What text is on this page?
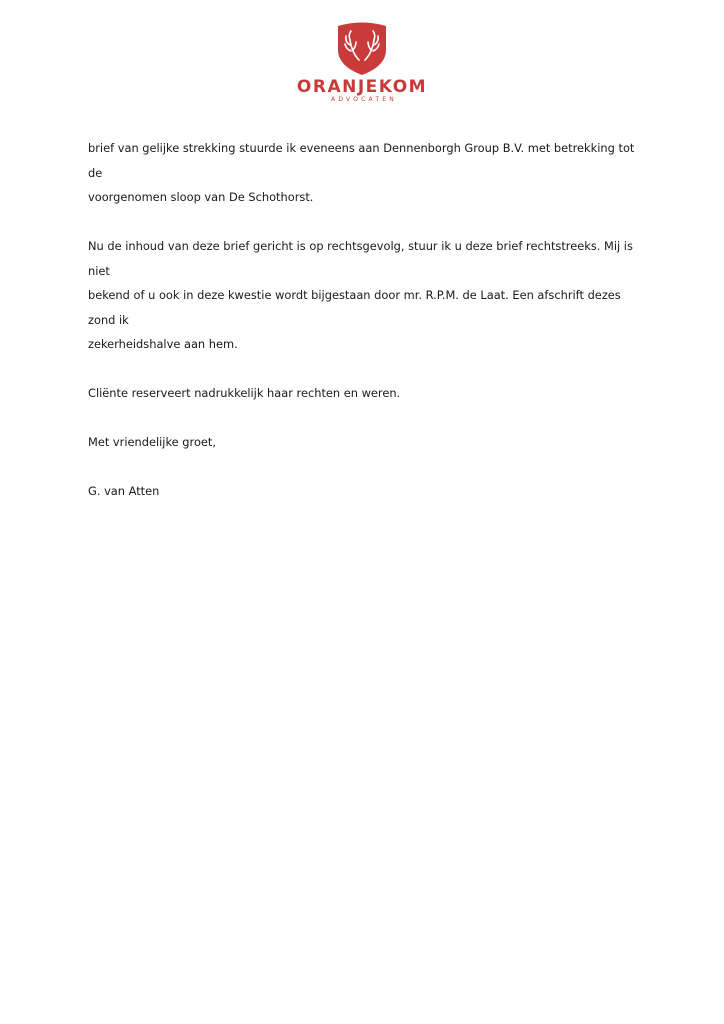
ORANJEKOM
ADVOCATEN

brief van gelijke strekking stuurde ik eveneens aan Dennenborgh Group B.V. met betrekking tot de

voorgenomen sloop van De Schothorst.

Nu de inhoud van deze brief gericht is op rechtsgevolg, stuur ik u deze brief rechtstreeks. Mij is niet

bekend of u ook in deze kwestie wordt bijgestaan door mr. R.P.M. de Laat. Een afschrift dezes zond ik

zekerheidshalve aan hem.

Cliënte reserveert nadrukkelijk haar rechten en weren.

Met vriendelijke groet,

G. van Atten
